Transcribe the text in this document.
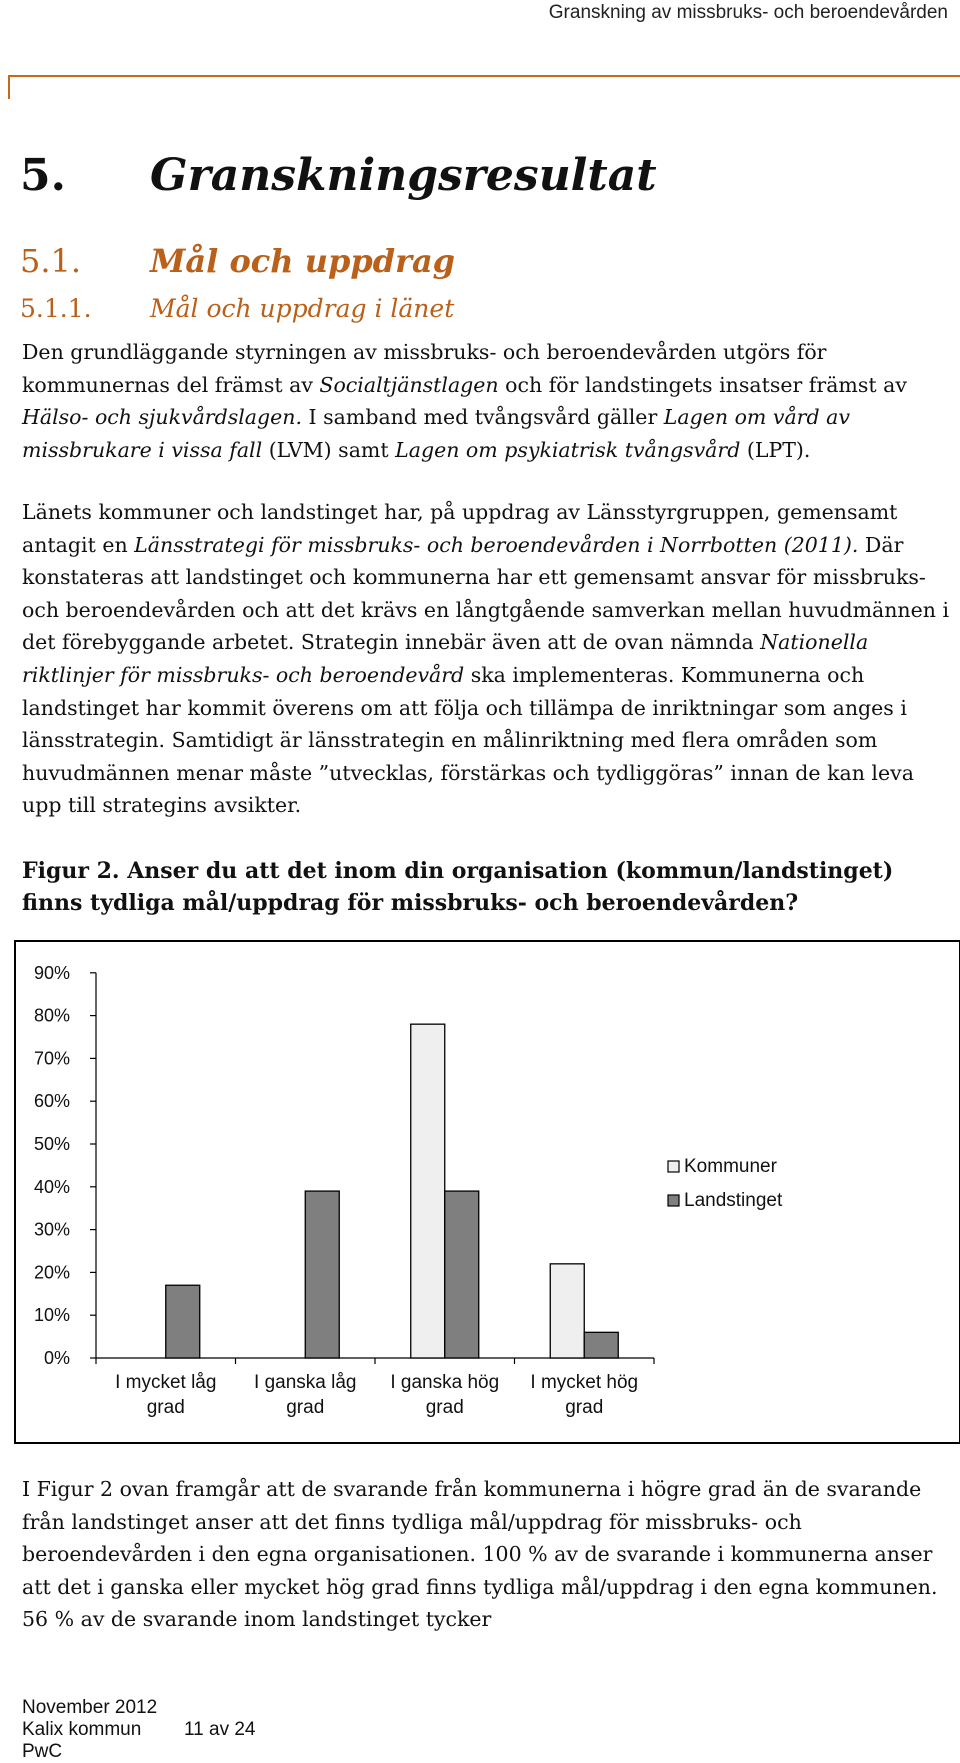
Granskning av missbruks- och beroendevården
5. Granskningsresultat
5.1. Mål och uppdrag
5.1.1. Mål och uppdrag i länet
Den grundläggande styrningen av missbruks- och beroendevården utgörs för kommunernas del främst av Socialtjänstlagen och för landstingets insatser främst av Hälso- och sjukvårdslagen. I samband med tvångsvård gäller Lagen om vård av missbrukare i vissa fall (LVM) samt Lagen om psykiatrisk tvångsvård (LPT).
Länets kommuner och landstinget har, på uppdrag av Länsstyrgruppen, gemensamt antagit en Länsstrategi för missbruks- och beroendevården i Norrbotten (2011). Där konstateras att landstinget och kommunerna har ett gemensamt ansvar för missbruks- och beroendevården och att det krävs en långtgående samverkan mellan huvudmännen i det förebyggande arbetet. Strategin innebär även att de ovan nämnda Nationella riktlinjer för missbruks- och beroendevård ska implementeras. Kommunerna och landstinget har kommit överens om att följa och tillämpa de inriktningar som anges i länsstrategin. Samtidigt är länsstrategin en målinriktning med flera områden som huvudmännen menar måste ”utvecklas, förstärkas och tydliggöras” innan de kan leva upp till strategins avsikter.
Figur 2. Anser du att det inom din organisation (kommun/landstinget) finns tydliga mål/uppdrag för missbruks- och beroendevården?
0%
10%
20%
30%
40%
50%
60%
70%
80%
90%
I mycket låg
grad
I ganska låg
grad
I ganska hög
grad
I mycket hög
grad
Kommuner
Landstinget
I Figur 2 ovan framgår att de svarande från kommunerna i högre grad än de svarande från landstinget anser att det finns tydliga mål/uppdrag för missbruks- och beroendevården i den egna organisationen. 100 % av de svarande i kommunerna anser att det i ganska eller mycket hög grad finns tydliga mål/uppdrag i den egna kommunen. 56 % av de svarande inom landstinget tycker
November 2012
Kalix kommun 11 av 24
PwC
